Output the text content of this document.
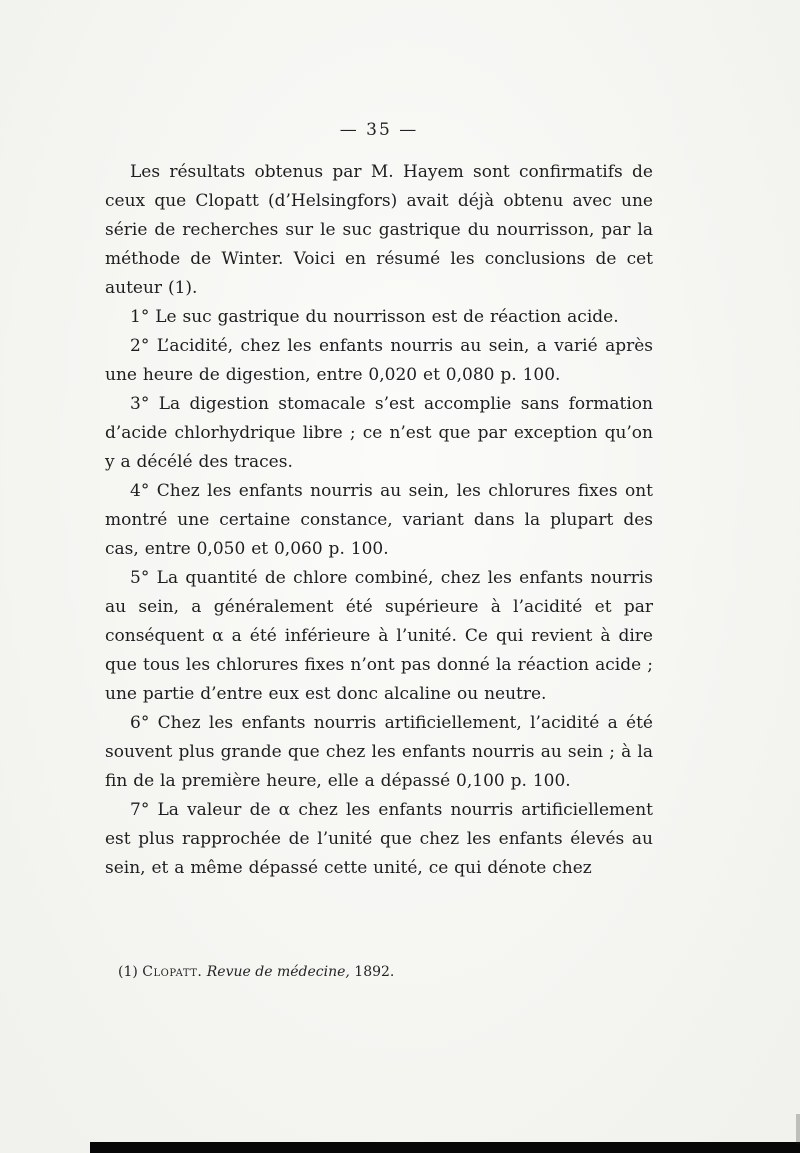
— 35 —

Les résultats obtenus par M. Hayem sont confirmatifs de ceux que Clopatt (d’Helsingfors) avait déjà obtenu avec une série de recherches sur le suc gastrique du nourrisson, par la méthode de Winter. Voici en résumé les conclusions de cet auteur (1).

1° Le suc gastrique du nourrisson est de réaction acide.

2° L’acidité, chez les enfants nourris au sein, a varié après une heure de digestion, entre 0,020 et 0,080 p. 100.

3° La digestion stomacale s’est accomplie sans formation d’acide chlorhydrique libre ; ce n’est que par exception qu’on y a décélé des traces.

4° Chez les enfants nourris au sein, les chlorures fixes ont montré une certaine constance, variant dans la plupart des cas, entre 0,050 et 0,060 p. 100.

5° La quantité de chlore combiné, chez les enfants nourris au sein, a généralement été supérieure à l’acidité et par conséquent α a été inférieure à l’unité. Ce qui revient à dire que tous les chlorures fixes n’ont pas donné la réaction acide ; une partie d’entre eux est donc alcaline ou neutre.

6° Chez les enfants nourris artificiellement, l’acidité a été souvent plus grande que chez les enfants nourris au sein ; à la fin de la première heure, elle a dépassé 0,100 p. 100.

7° La valeur de α chez les enfants nourris artificiellement est plus rapprochée de l’unité que chez les enfants élevés au sein, et a même dépassé cette unité, ce qui dénote chez

(1) Clopatt. Revue de médecine, 1892.
